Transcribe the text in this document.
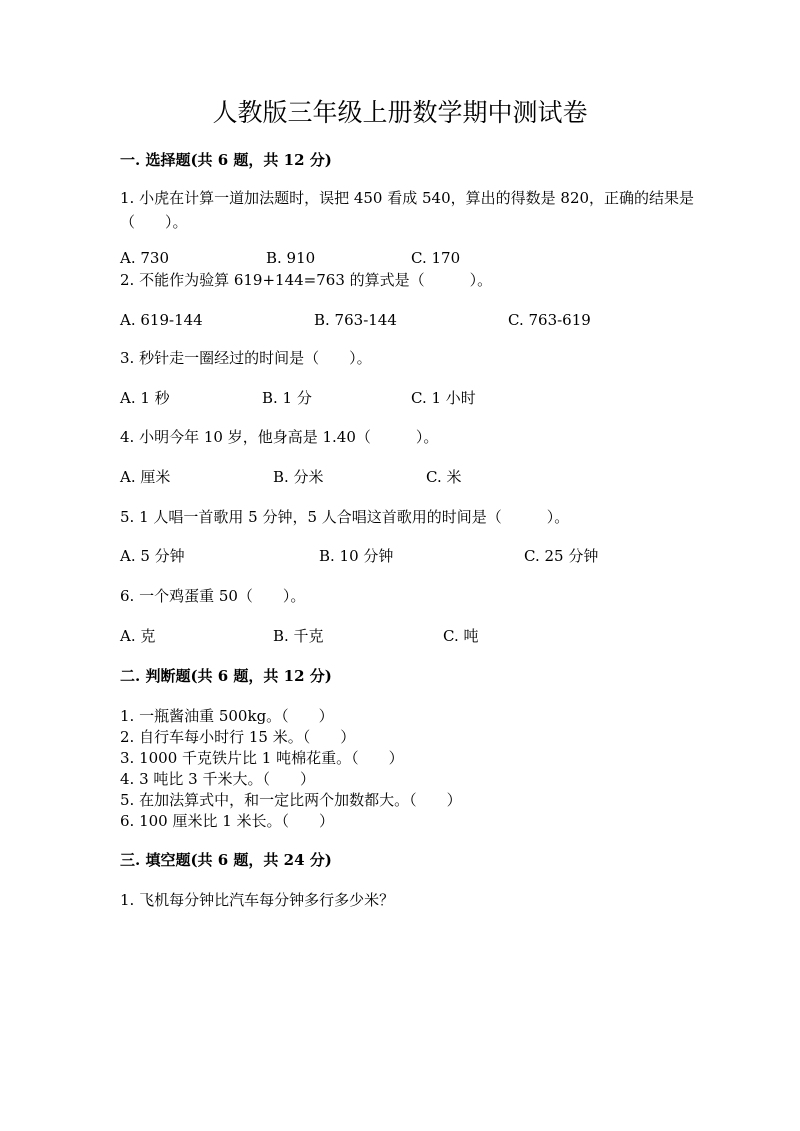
人教版三年级上册数学期中测试卷
一. 选择题(共 6 题，共 12 分)
1. 小虎在计算一道加法题时，误把 450 看成 540，算出的得数是 820，正确的结果是（　　）。
A. 730	B. 910	C. 170
2. 不能作为验算 619+144=763 的算式是（　　　）。
A. 619-144	B. 763-144	C. 763-619
3. 秒针走一圈经过的时间是（　　）。
A. 1 秒	B. 1 分	C. 1 小时
4. 小明今年 10 岁，他身高是 1.40（　　　）。
A. 厘米	B. 分米	C. 米
5. 1 人唱一首歌用 5 分钟，5 人合唱这首歌用的时间是（　　　）。
A. 5 分钟	B. 10 分钟	C. 25 分钟
6. 一个鸡蛋重 50（　　）。
A. 克	B. 千克	C. 吨
二. 判断题(共 6 题，共 12 分)
1. 一瓶酱油重 500kg。（　　）
2. 自行车每小时行 15 米。（　　）
3. 1000 千克铁片比 1 吨棉花重。（　　）
4. 3 吨比 3 千米大。（　　）
5. 在加法算式中，和一定比两个加数都大。（　　）
6. 100 厘米比 1 米长。（　　）
三. 填空题(共 6 题，共 24 分)
1. 飞机每分钟比汽车每分钟多行多少米？
